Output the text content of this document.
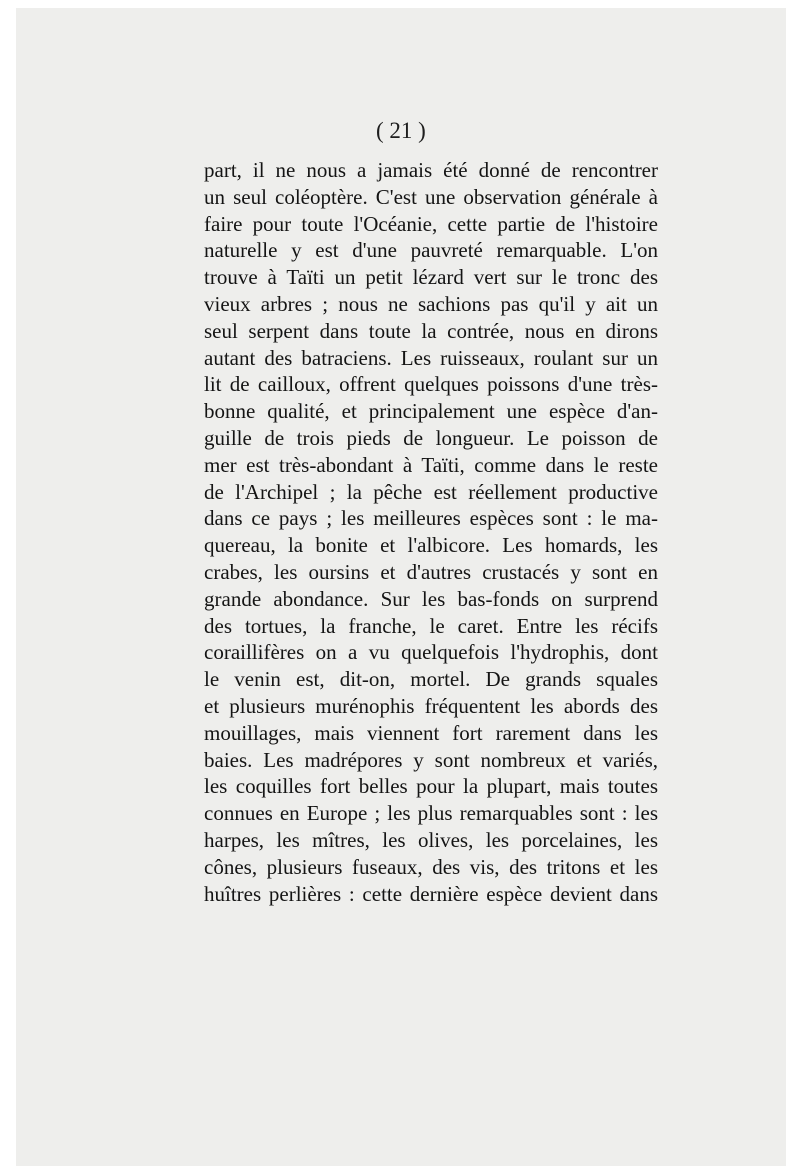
( 21 )
part, il ne nous a jamais été donné de rencontrer
un seul coléoptère. C'est une observation générale à
faire pour toute l'Océanie, cette partie de l'histoire
naturelle y est d'une pauvreté remarquable. L'on
trouve à Taïti un petit lézard vert sur le tronc des
vieux arbres ; nous ne sachions pas qu'il y ait un
seul serpent dans toute la contrée, nous en dirons
autant des batraciens. Les ruisseaux, roulant sur un
lit de cailloux, offrent quelques poissons d'une très-
bonne qualité, et principalement une espèce d'an-
guille de trois pieds de longueur. Le poisson de
mer est très-abondant à Taïti, comme dans le reste
de l'Archipel ; la pêche est réellement productive
dans ce pays ; les meilleures espèces sont : le ma-
quereau, la bonite et l'albicore. Les homards, les
crabes, les oursins et d'autres crustacés y sont en
grande abondance. Sur les bas-fonds on surprend
des tortues, la franche, le caret. Entre les récifs
coraillifères on a vu quelquefois l'hydrophis, dont
le venin est, dit-on, mortel. De grands squales
et plusieurs murénophis fréquentent les abords des
mouillages, mais viennent fort rarement dans les
baies. Les madrépores y sont nombreux et variés,
les coquilles fort belles pour la plupart, mais toutes
connues en Europe ; les plus remarquables sont : les
harpes, les mîtres, les olives, les porcelaines, les
cônes, plusieurs fuseaux, des vis, des tritons et les
huîtres perlières : cette dernière espèce devient dans
